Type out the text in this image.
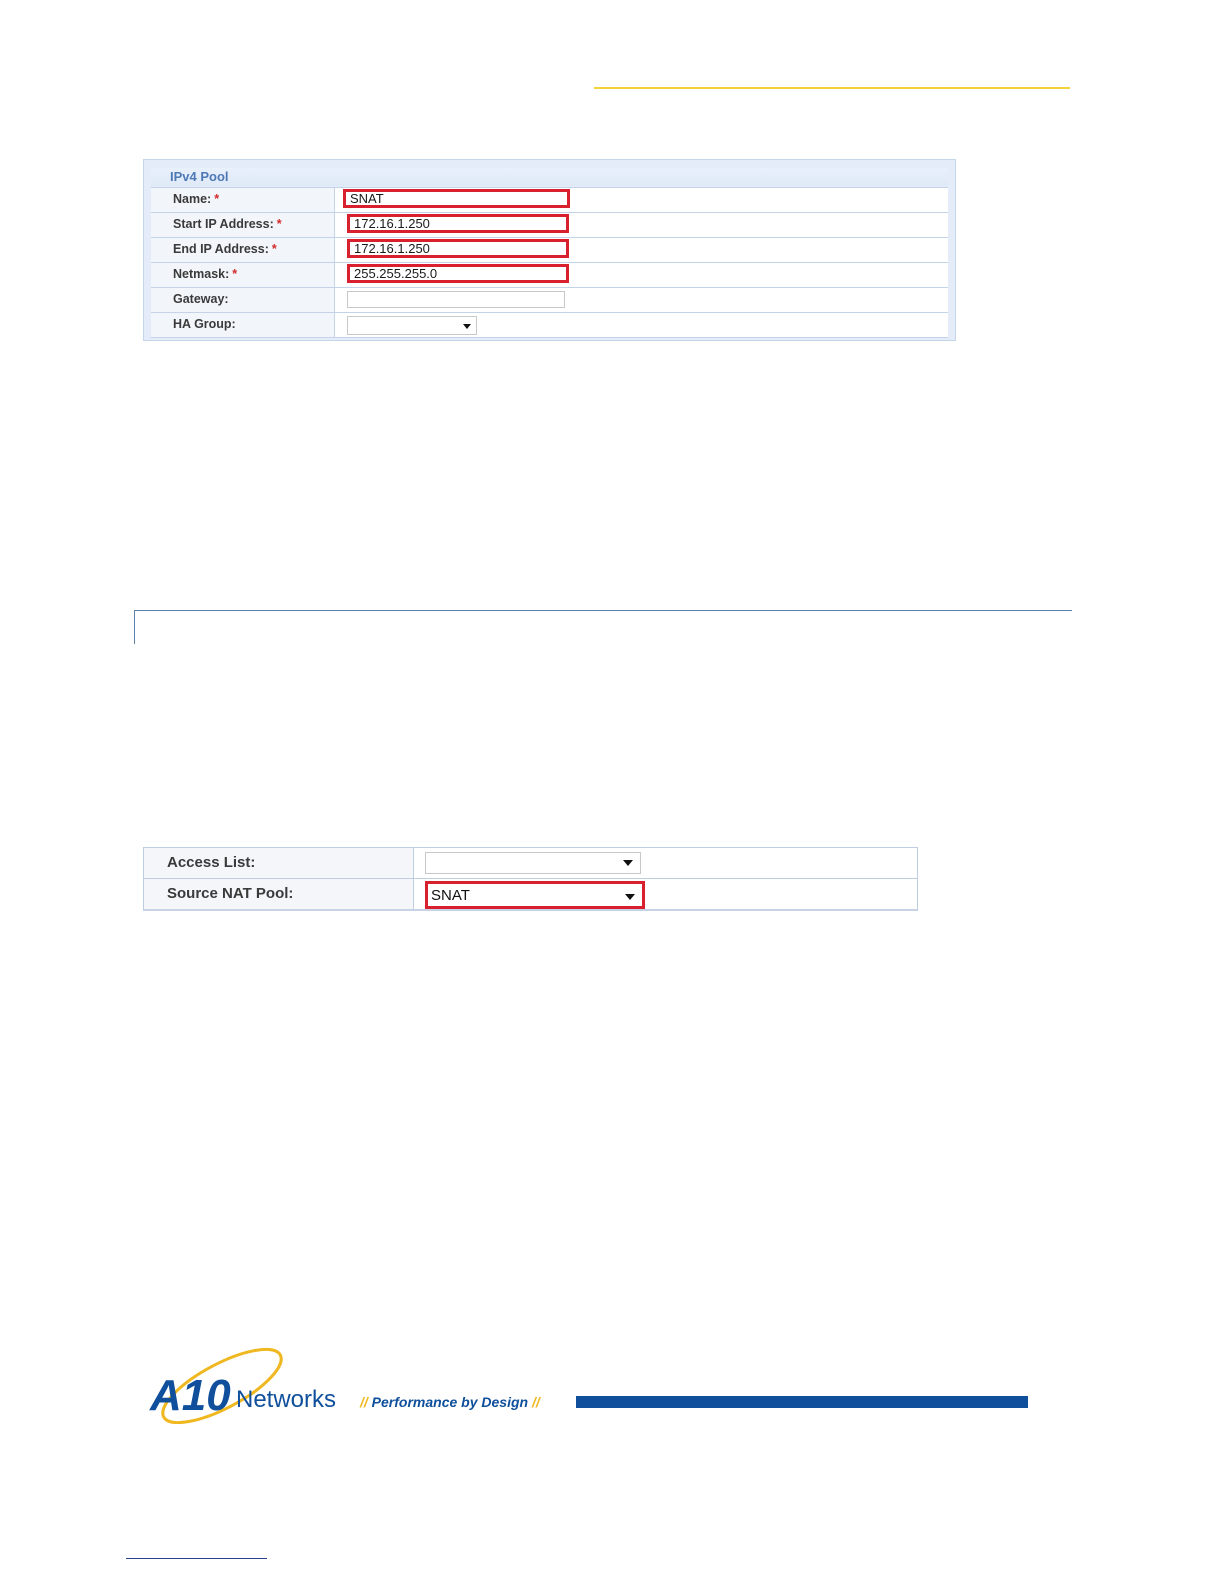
IPv4 Pool
Name: *	SNAT
Start IP Address: *	172.16.1.250
End IP Address: *	172.16.1.250
Netmask: *	255.255.255.0
Gateway:
HA Group:
Access List:
Source NAT Pool:	SNAT
A10 Networks // Performance by Design //
